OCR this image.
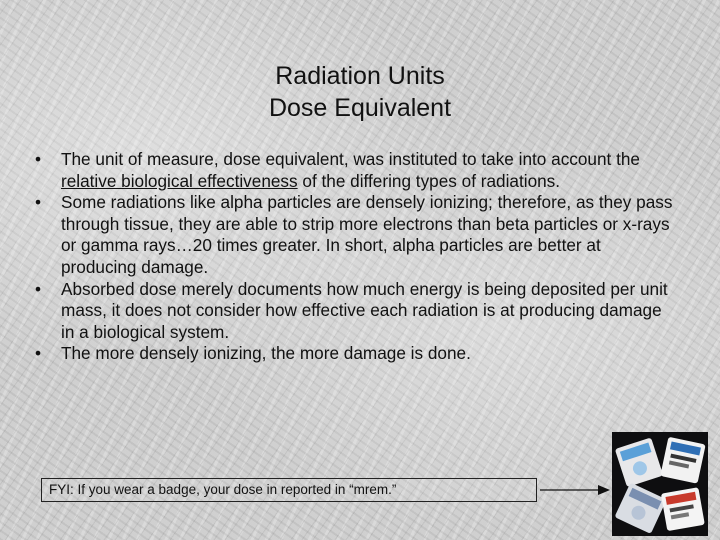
Radiation Units
Dose Equivalent
•	The unit of measure, dose equivalent, was instituted to take into account the relative biological effectiveness of the differing types of radiations.
•	Some radiations like alpha particles are densely ionizing; therefore, as they pass through tissue, they are able to strip more electrons than beta particles or x-rays or gamma rays…20 times greater. In short, alpha particles are better at producing damage.
•	Absorbed dose merely documents how much energy is being deposited per unit mass, it does not consider how effective each radiation is at producing damage in a biological system.
•	The more densely ionizing, the more damage is done.
FYI: If you wear a badge, your dose in reported in “mrem.”
